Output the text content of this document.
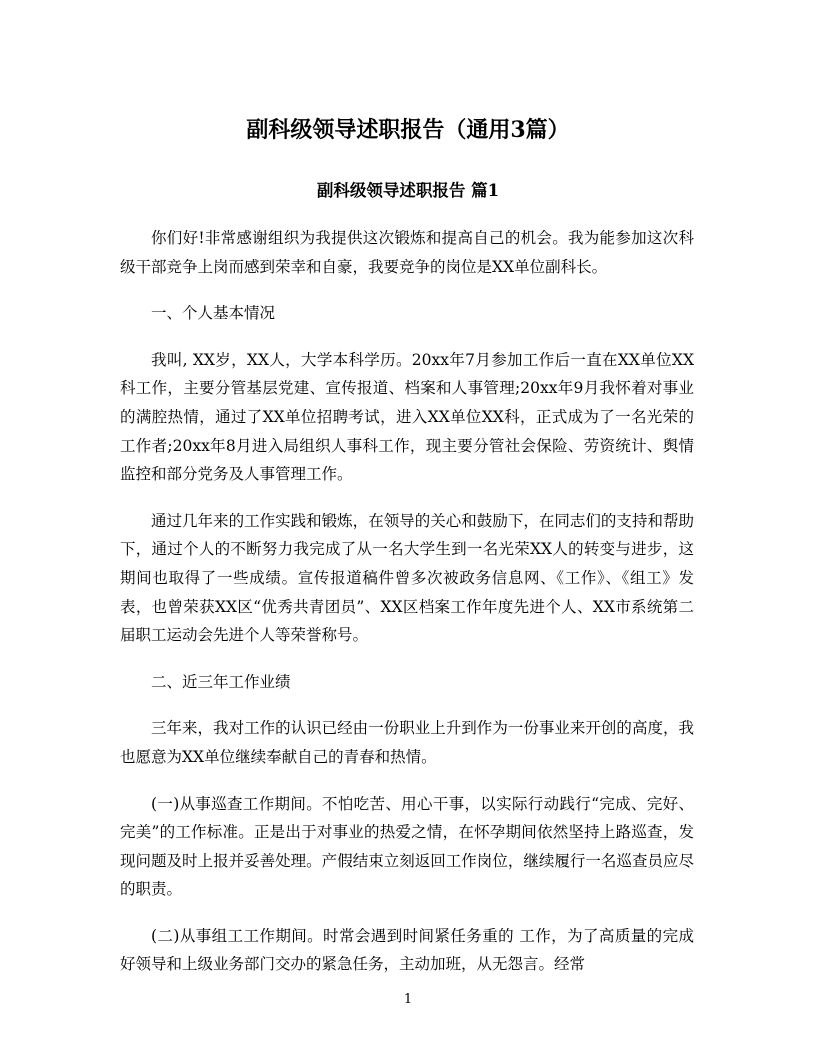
副科级领导述职报告（通用3篇）
副科级领导述职报告 篇1

你们好!非常感谢组织为我提供这次锻炼和提高自己的机会。我为能参加这次科级干部竞争上岗而感到荣幸和自豪，我要竞争的岗位是XX单位副科长。

一、个人基本情况

我叫, XX岁，XX人，大学本科学历。20xx年7月参加工作后一直在XX单位XX科工作，主要分管基层党建、宣传报道、档案和人事管理;20xx年9月我怀着对事业的满腔热情，通过了XX单位招聘考试，进入XX单位XX科，正式成为了一名光荣的工作者;20xx年8月进入局组织人事科工作，现主要分管社会保险、劳资统计、舆情监控和部分党务及人事管理工作。

通过几年来的工作实践和锻炼，在领导的关心和鼓励下，在同志们的支持和帮助下，通过个人的不断努力我完成了从一名大学生到一名光荣XX人的转变与进步，这期间也取得了一些成绩。宣传报道稿件曾多次被政务信息网、《工作》、《组工》发表，也曾荣获XX区“优秀共青团员”、XX区档案工作年度先进个人、XX市系统第二届职工运动会先进个人等荣誉称号。

二、近三年工作业绩

三年来，我对工作的认识已经由一份职业上升到作为一份事业来开创的高度，我也愿意为XX单位继续奉献自己的青春和热情。

(一)从事巡查工作期间。不怕吃苦、用心干事，以实际行动践行“完成、完好、完美”的工作标准。正是出于对事业的热爱之情，在怀孕期间依然坚持上路巡查，发现问题及时上报并妥善处理。产假结束立刻返回工作岗位，继续履行一名巡查员应尽的职责。

(二)从事组工工作期间。时常会遇到时间紧任务重的 工作，为了高质量的完成好领导和上级业务部门交办的紧急任务，主动加班，从无怨言。经常

1
